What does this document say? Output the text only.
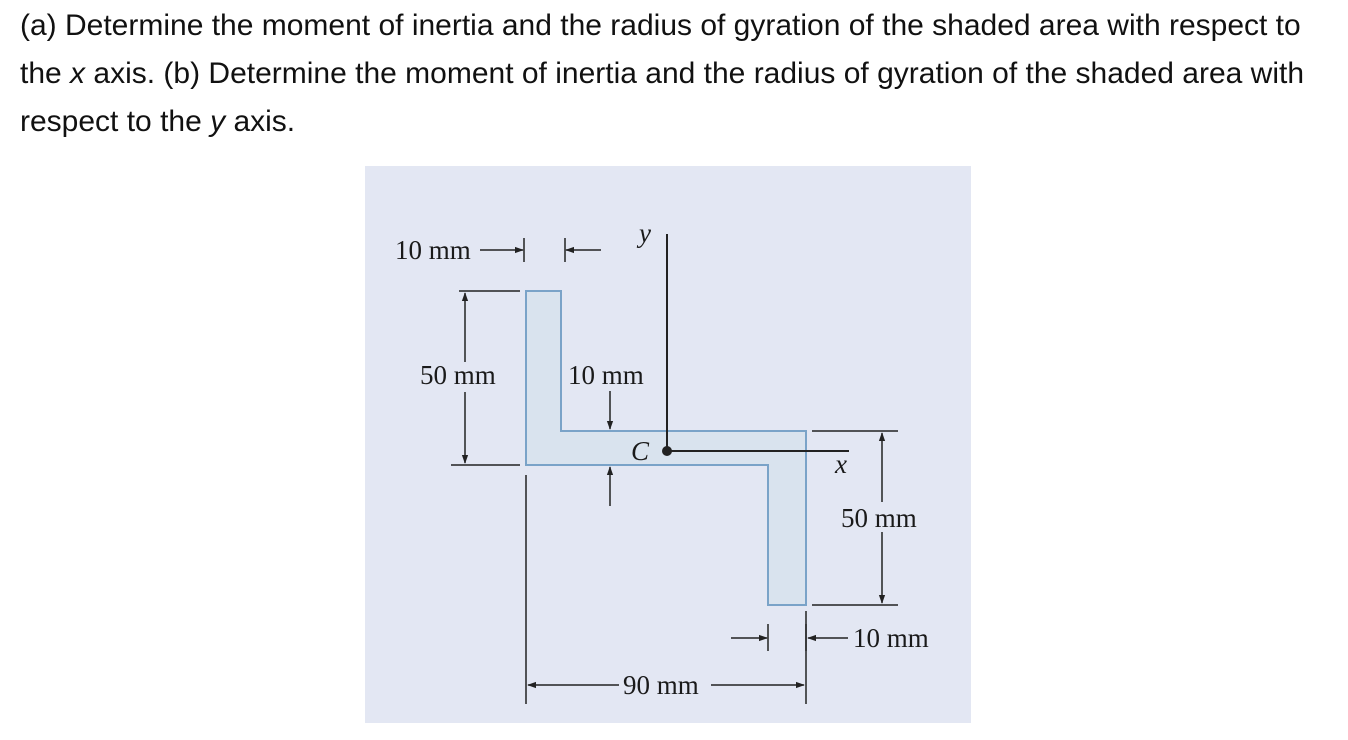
(a) Determine the moment of inertia and the radius of gyration of the shaded area with respect to the x axis. (b) Determine the moment of inertia and the radius of gyration of the shaded area with respect to the y axis.

10 mm
y
50 mm	10 mm
C	x
50 mm
10 mm
90 mm
